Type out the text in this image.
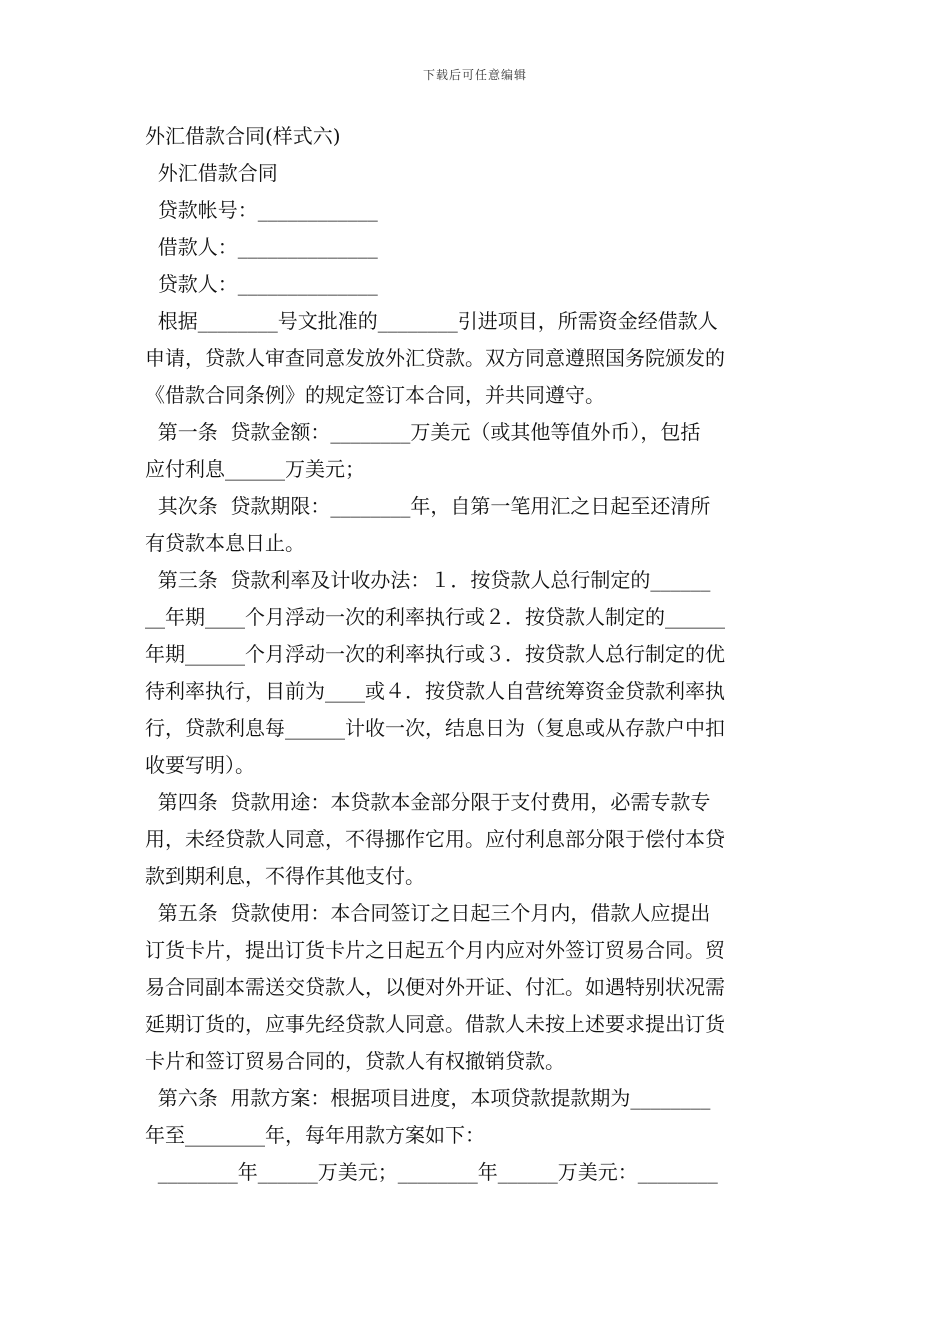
下载后可任意编辑
外汇借款合同(样式六)
外汇借款合同
贷款帐号：____________
借款人：______________
贷款人：______________
根据________号文批准的________引进项目，所需资金经借款人
申请，贷款人审查同意发放外汇贷款。双方同意遵照国务院颁发的
《借款合同条例》的规定签订本合同，并共同遵守。
第一条  贷款金额：________万美元（或其他等值外币），包括
应付利息______万美元；
其次条  贷款期限：________年，自第一笔用汇之日起至还清所
有贷款本息日止。
第三条  贷款利率及计收办法：１．按贷款人总行制定的______
__年期____个月浮动一次的利率执行或２．按贷款人制定的______
年期______个月浮动一次的利率执行或３．按贷款人总行制定的优
待利率执行，目前为____或４．按贷款人自营统筹资金贷款利率执
行，贷款利息每______计收一次，结息日为（复息或从存款户中扣
收要写明）。
第四条  贷款用途：本贷款本金部分限于支付费用，必需专款专
用，未经贷款人同意，不得挪作它用。应付利息部分限于偿付本贷
款到期利息，不得作其他支付。
第五条  贷款使用：本合同签订之日起三个月内，借款人应提出
订货卡片，提出订货卡片之日起五个月内应对外签订贸易合同。贸
易合同副本需送交贷款人，以便对外开证、付汇。如遇特别状况需
延期订货的，应事先经贷款人同意。借款人未按上述要求提出订货
卡片和签订贸易合同的，贷款人有权撤销贷款。
第六条  用款方案：根据项目进度，本项贷款提款期为________
年至________年，每年用款方案如下：
________年______万美元；________年______万美元：________
